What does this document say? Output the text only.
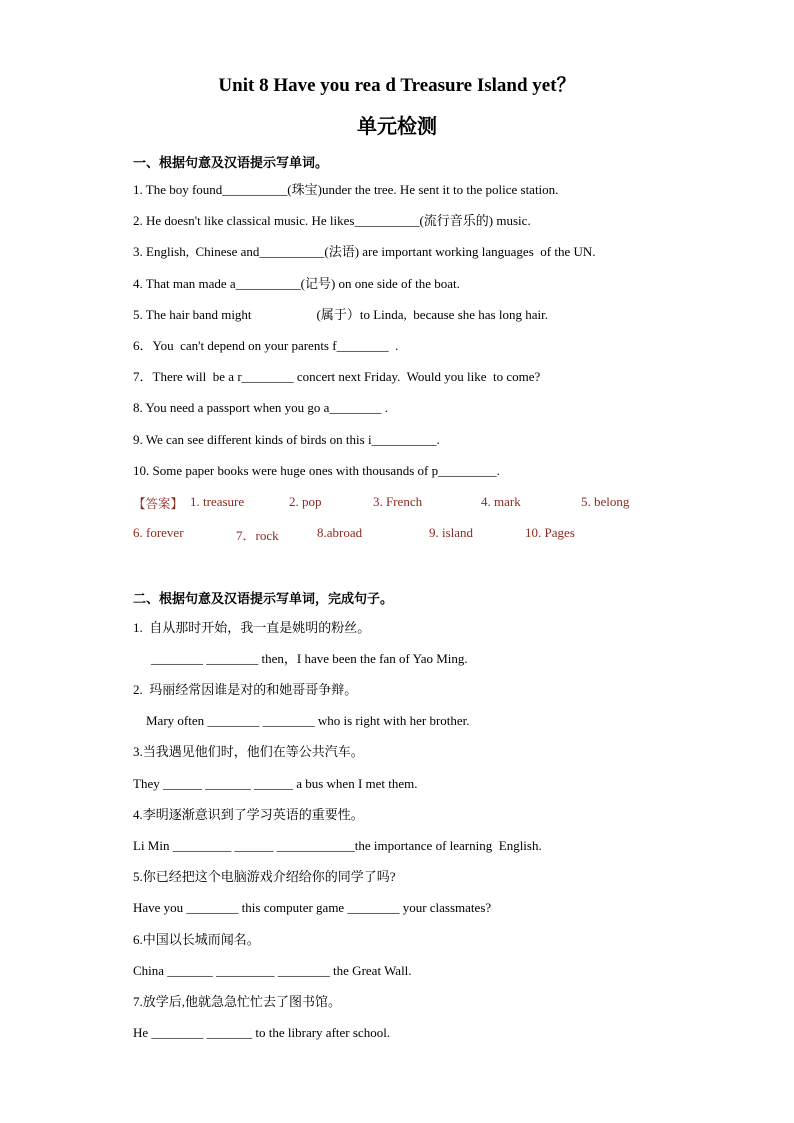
Unit 8 Have you rea d Treasure Island yet？
单元检测
一、根据句意及汉语提示写单词。
1. The boy found__________(珠宝)under the tree. He sent it to the police station.
2. He doesn't like classical music. He likes__________(流行音乐的) music.
3. English,  Chinese and__________(法语) are important working languages  of the UN.
4. That man made a__________(记号) on one side of the boat.
5. The hair band might                    (属于）to Linda,  because she has long hair.
6．You  can't depend on your parents f________  .
7．There will  be a r________ concert next Friday.  Would you like  to come?
8. You need a passport when you go a________ .
9. We can see different kinds of birds on this i__________.
10. Some paper books were huge ones with thousands of p_________.
【答案】 1. treasure	2. pop	3. French	4. mark	5. belong
6. forever	7．rock	8.abroad	9. island	10. Pages
二、根据句意及汉语提示写单词，完成句子。
1.  自从那时开始，我一直是姚明的粉丝。
________ ________ then，I have been the fan of Yao Ming.
2.  玛丽经常因谁是对的和她哥哥争辩。
Mary often ________ ________ who is right with her brother.
3.当我遇见他们时，他们在等公共汽车。
They ______ _______ ______ a bus when I met them.
4.李明逐渐意识到了学习英语的重要性。
Li Min _________ ______ ____________the importance of learning  English.
5.你已经把这个电脑游戏介绍给你的同学了吗?
Have you ________ this computer game ________ your classmates?
6.中国以长城而闻名。
China _______ _________ ________ the Great Wall.
7.放学后,他就急急忙忙去了图书馆。
He ________ _______ to the library after school.
